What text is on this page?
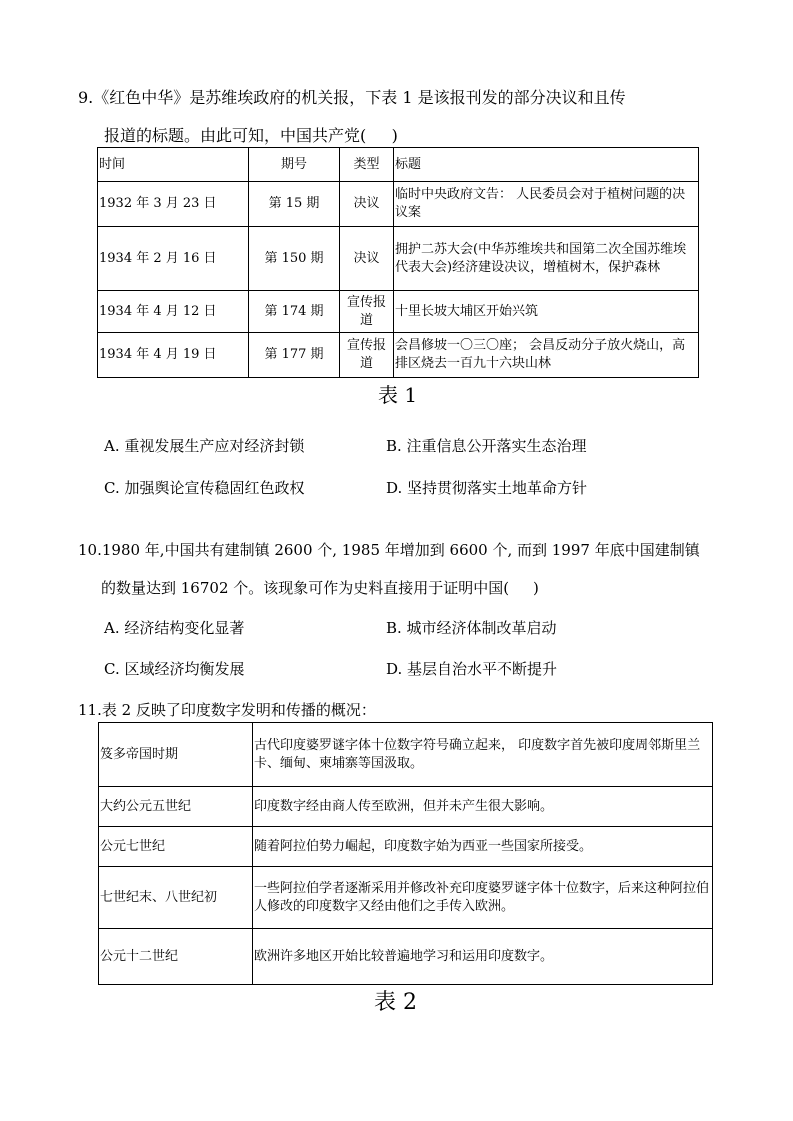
9.《红色中华》是苏维埃政府的机关报，下表 1 是该报刊发的部分决议和且传
报道的标题。由此可知，中国共产党(     )
时间	期号	类型	标题
1932 年 3 月 23 日	第 15 期	决议	临时中央政府文告： 人民委员会对于植树问题的决议案
1934 年 2 月 16 日	第 150 期	决议	拥护二苏大会(中华苏维埃共和国第二次全国苏维埃代表大会)经济建设决议，增植树木，保护森林
1934 年 4 月 12 日	第 174 期	宣传报道	十里长坡大埔区开始兴筑
1934 年 4 月 19 日	第 177 期	宣传报道	会昌修坡一〇三〇座； 会昌反动分子放火烧山，高排区烧去一百九十六块山林
表 1
A. 重视发展生产应对经济封锁	B. 注重信息公开落实生态治理
C. 加强舆论宣传稳固红色政权	D. 坚持贯彻落实土地革命方针
10.1980 年,中国共有建制镇 2600 个, 1985 年增加到 6600 个, 而到 1997 年底中国建制镇
的数量达到 16702 个。该现象可作为史料直接用于证明中国(     )
A. 经济结构变化显著	B. 城市经济体制改革启动
C. 区域经济均衡发展	D. 基层自治水平不断提升
11.表 2 反映了印度数字发明和传播的概况：
笈多帝国时期	古代印度婆罗谜字体十位数字符号确立起来， 印度数字首先被印度周邻斯里兰卡、缅甸、柬埔寨等国汲取。
大约公元五世纪	印度数字经由商人传至欧洲，但并未产生很大影响。
公元七世纪	随着阿拉伯势力崛起，印度数字始为西亚一些国家所接受。
七世纪末、八世纪初	一些阿拉伯学者逐渐采用并修改补充印度婆罗谜字体十位数字，后来这种阿拉伯人修改的印度数字又经由他们之手传入欧洲。
公元十二世纪	欧洲许多地区开始比较普遍地学习和运用印度数字。
表 2
